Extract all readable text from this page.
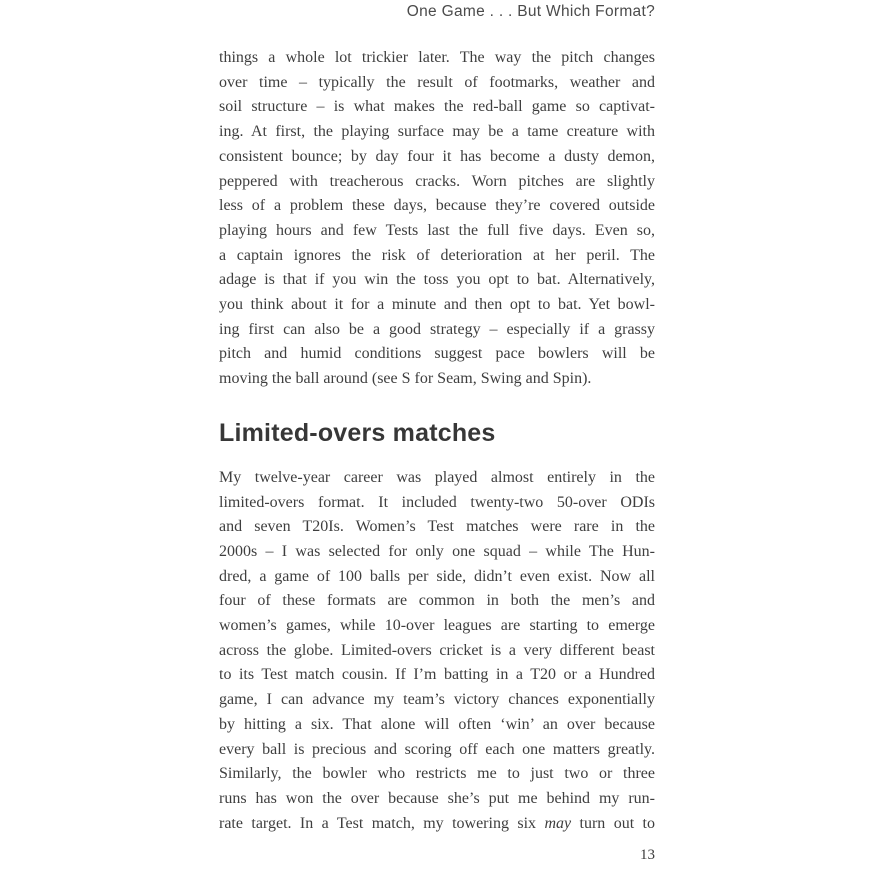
One Game . . . But Which Format?
things a whole lot trickier later. The way the pitch changes
over time – typically the result of footmarks, weather and
soil structure – is what makes the red-ball game so captivat-
ing. At first, the playing surface may be a tame creature with
consistent bounce; by day four it has become a dusty demon,
peppered with treacherous cracks. Worn pitches are slightly
less of a problem these days, because they’re covered outside
playing hours and few Tests last the full five days. Even so,
a captain ignores the risk of deterioration at her peril. The
adage is that if you win the toss you opt to bat. Alternatively,
you think about it for a minute and then opt to bat. Yet bowl-
ing first can also be a good strategy – especially if a grassy
pitch and humid conditions suggest pace bowlers will be
moving the ball around (see S for Seam, Swing and Spin).
Limited-overs matches
My twelve-year career was played almost entirely in the
limited-overs format. It included twenty-two 50-over ODIs
and seven T20Is. Women’s Test matches were rare in the
2000s – I was selected for only one squad – while The Hun-
dred, a game of 100 balls per side, didn’t even exist. Now all
four of these formats are common in both the men’s and
women’s games, while 10-over leagues are starting to emerge
across the globe. Limited-overs cricket is a very different beast
to its Test match cousin. If I’m batting in a T20 or a Hundred
game, I can advance my team’s victory chances exponentially
by hitting a six. That alone will often ‘win’ an over because
every ball is precious and scoring off each one matters greatly.
Similarly, the bowler who restricts me to just two or three
runs has won the over because she’s put me behind my run-
rate target. In a Test match, my towering six may turn out to
13
